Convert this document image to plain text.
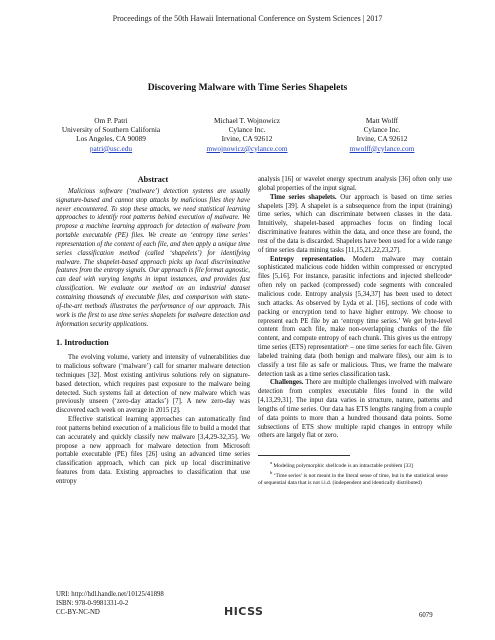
Proceedings of the 50th Hawaii International Conference on System Sciences | 2017
Discovering Malware with Time Series Shapelets
Om P. Patri
University of Southern California
Los Angeles, CA 90089
patri@usc.edu
Michael T. Wojnowicz
Cylance Inc.
Irvine, CA 92612
mwojnowicz@cylance.com
Matt Wolff
Cylance Inc.
Irvine, CA 92612
mwolff@cylance.com
Abstract

Malicious software (‘malware’) detection systems are usually signature-based and cannot stop attacks by malicious files they have never encountered. To stop these attacks, we need statistical learning approaches to identify root patterns behind execution of malware. We propose a machine learning approach for detection of malware from portable executable (PE) files. We create an ‘entropy time series’ representation of the content of each file, and then apply a unique time series classification method (called ‘shapelets’) for identifying malware. The shapelet-based approach picks up local discriminative features from the entropy signals. Our approach is file format agnostic, can deal with varying lengths in input instances, and provides fast classification. We evaluate our method on an industrial dataset containing thousands of executable files, and comparison with state-of-the-art methods illustrates the performance of our approach. This work is the first to use time series shapelets for malware detection and information security applications.

1. Introduction

The evolving volume, variety and intensity of vulnerabilities due to malicious software (‘malware’) call for smarter malware detection techniques [32]. Most existing antivirus solutions rely on signature-based detection, which requires past exposure to the malware being detected. Such systems fail at detection of new malware which was previously unseen (‘zero-day attacks’) [7]. A new zero-day was discovered each week on average in 2015 [2].

Effective statistical learning approaches can automatically find root patterns behind execution of a malicious file to build a model that can accurately and quickly classify new malware [3,4,29-32,35]. We propose a new approach for malware detection from Microsoft portable executable (PE) files [26] using an advanced time series classification approach, which can pick up local discriminative features from data. Existing approaches to classification that use entropy

analysis [16] or wavelet energy spectrum analysis [36] often only use global properties of the input signal.

Time series shapelets. Our approach is based on time series shapelets [39]. A shapelet is a subsequence from the input (training) time series, which can discriminate between classes in the data. Intuitively, shapelet-based approaches focus on finding local discriminative features within the data, and once these are found, the rest of the data is discarded. Shapelets have been used for a wide range of time series data mining tasks [11,15,21,22,23,27].

Entropy representation. Modern malware may contain sophisticated malicious code hidden within compressed or encrypted files [5,16]. For instance, parasitic infections and injected shellcodeᵃ often rely on packed (compressed) code segments with concealed malicious code. Entropy analysis [5,34,37] has been used to detect such attacks. As observed by Lyda et al. [16], sections of code with packing or encryption tend to have higher entropy. We choose to represent each PE file by an ‘entropy time series.’ We get byte-level content from each file, make non-overlapping chunks of the file content, and compute entropy of each chunk. This gives us the entropy time series (ETS) representationᵇ – one time series for each file. Given labeled training data (both benign and malware files), our aim is to classify a test file as safe or malicious. Thus, we frame the malware detection task as a time series classification task.

Challenges. There are multiple challenges involved with malware detection from complex executable files found in the wild [4,13,29,31]. The input data varies in structure, nature, patterns and lengths of time series. Our data has ETS lengths ranging from a couple of data points to more than a hundred thousand data points. Some subsections of ETS show multiple rapid changes in entropy while others are largely flat or zero.

$^a$ Modeling polymorphic shellcode is an intractable problem [33]

$^b$ ‘Time series’ is not meant in the literal sense of time, but in the statistical sense of sequential data that is not i.i.d. (independent and identically distributed)

URI: http://hdl.handle.net/10125/41898
ISBN: 978-0-9981331-0-2
CC-BY-NC-ND	HICSS	6079
